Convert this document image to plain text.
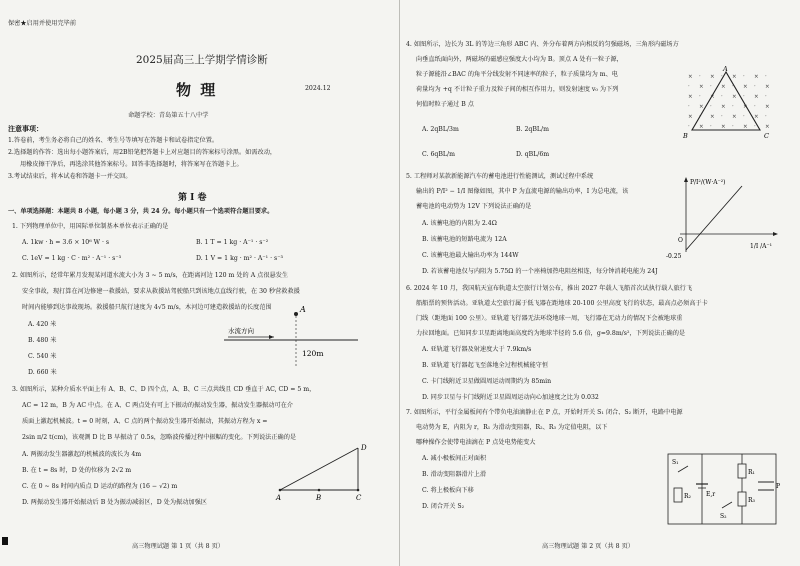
保密★启用并使用完毕前
2025届高三上学期学情诊断
物 理	2024.12
命题学校：青岛第五十八中学
注意事项：
1.答卷前，考生务必将自己的姓名、考生号等填写在答题卡和试卷指定位置。
2.选择题的作答：选出每小题答案后，用2B铅笔把答题卡上对应题目的答案标号涂黑。如需改动，
用橡皮擦干净后，再选涂其他答案标号。回答非选择题时，将答案写在答题卡上。
3.考试结束后，将本试卷和答题卡一并交回。
第 I 卷
一、单项选择题：本题共 8 小题，每小题 3 分，共 24 分。每小题只有一个选项符合题目要求。
1. 下列物理单位中，用国际单位制基本单位表示正确的是
A. 1kw · h = 3.6 × 10⁶ W · s	B. 1 T = 1 kg · A⁻¹ · s⁻²
C. 1eV = 1 kg · C · m² · A⁻¹ · s⁻³	D. 1 V = 1 kg · m² · A⁻¹ · s⁻³
2. 如图所示，经常年累月发现某河道水流大小为 3 ~ 5 m/s，在距离河边 120 m 处的 A 点很悬发生
安全事故，现打算在河边修建一救援站，要求从救援站驾驶船只到该地点直线行驶，在 30 秒营救救援
时间内能够到达事故现场。救援船只航行速度为 4√5 m/s，木河边可建造救援站的长度范围
A. 420 米
B. 480 米
C. 540 米
D. 660 米
水流方向
A
120m
3. 如图所示，某种介质水平面上有 A、B、C、D 四个点，A、B、C 三点共线且 CD 垂直于 AC, CD = 5 m，
AC = 12 m，B 为 AC 中点。在 A、C 两点处有可上下振动的振动发生器，振动发生器振动可在介
质面上激起机械波。t = 0 时刻，A、C 点的两个振动发生器开始振动，其振动方程为 x =
2sin π/2 t(cm)，该观测 D 比 B 早振动了 0.5s，忽略波传播过程中振幅的变化。下列说法正确的是
A. 两振动发生器激起的机械波的波长为 4m
B. 在 t = 8s 时，D 处的位移为 2√2 m
C. 在 0 ~ 8s 时间内质点 D 运动的路程为 (16 − √2) m
D. 两振动发生器开始振动后 B 处为振动减弱区，D 处为振动加强区
A	B	C
D
高三物理试题 第 1 页（共 8 页）
4. 如图所示，边长为 3L 的等边三角形 ABC 内、外分布着两方向相反的匀强磁场，三角形内磁场方
向垂直纸面向外，两磁场的磁感应强度大小均为 B。顶点 A 处有一粒子源，
粒子源能沿∠BAC 的角平分线发射不同速率的粒子，粒子质量均为 m、电
荷量均为 +q 不计粒子重力及粒子间的相互作用力，则发射速度 v₀ 为下列
何值时粒子通过 B 点
A. 2qBL/3m	B. 2qBL/m
C. 6qBL/m	D. qBL/6m
× · × · × · × ·
· × · × · × · ×
× · × · × · × ·
· × · × · × · ×
× · × · × · × ·
· × · × · × · ×
A
B	C
5. 工程师对某款新能源汽车的蓄电池进行性能测试，测试过程中系统
输出的 P/I² − 1/I 图像如图，其中 P 为直流电源的输出功率，I 为总电流，该
蓄电池的电动势为 12V 下列说法正确的是
A. 该蓄电池的内阻为 2.4Ω
B. 该蓄电池的短路电流为 12A
C. 该蓄电池最大输出功率为 144W
D. 若该蓄电池仅与内阻为 5.75Ω 的一个座椅加热电阻丝相连，每分钟消耗电能为 24J
P/I²/(W·A⁻²)
1/I /A⁻¹
O
-0.25
6. 2024 年 10 月，我国航天宣布轨道太空旅行计划公布，推出 2027 年载人飞船首次试执行载人旅行飞
船船票的预售活动。亚轨道太空旅行属于低飞器在距地球 20-100 公里高度飞行的状态，最高点必须高于卡
门线（距地面 100 公里）。亚轨道飞行器无法环绕地球一周，飞行器在无动力的情况下会被地球重
力拉回地面。已知同步卫星距离地面高度约为地球半径的 5.6 倍，g=9.8m/s²，下列说法正确的是
A. 亚轨道飞行器及射速度大于 7.9km/s
B. 亚轨道飞行器起飞至落地全过程机械能守恒
C. 卡门线附近卫星做圆周运动周期约为 85min
D. 同步卫星与卡门线附近卫星圆周运动向心加速度之比为 0.032
7. 如图所示，平行金属板间有个带负电油滴静止在 P 点，开始时开关 S₁ 闭合、S₂ 断开，电路中电源
电动势为 E，内阻为 r，R₁ 为滑动变阻器，R₂、R₃ 为定值电阻，以下
哪种操作会使带电油滴在 P 点处电势能变大
A. 减小极板间正对面积
B. 滑动变阻器滑片上滑
C. 将上极板向下移
D. 闭合开关 S₂
S₁
R₂	E,r
R₁
R₃
P
S₂
高三物理试题 第 2 页（共 8 页）
